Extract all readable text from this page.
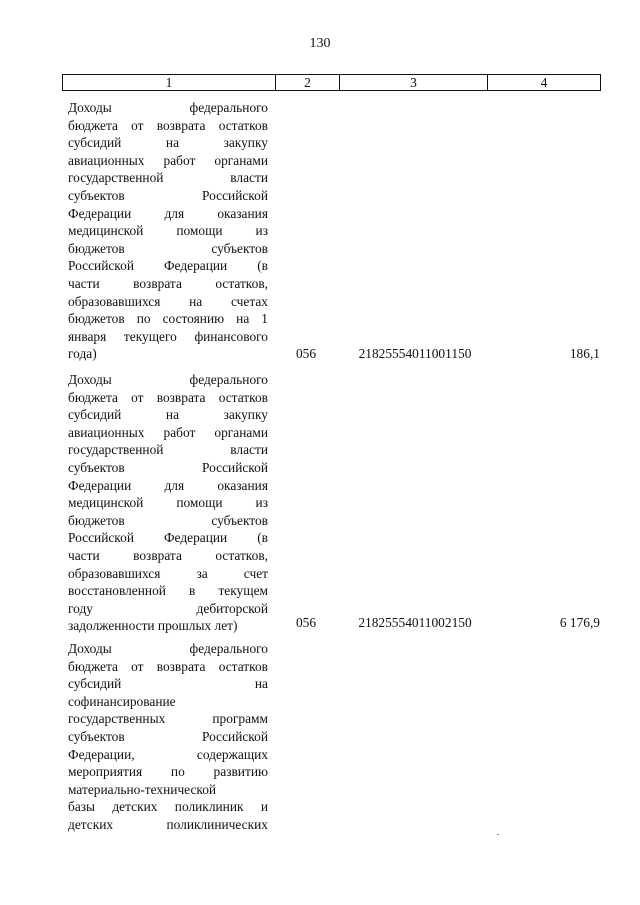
130
1	2	3	4
Доходы федерального
бюджета от возврата остатков
субсидий на закупку
авиационных работ органами
государственной власти
субъектов Российской
Федерации для оказания
медицинской помощи из
бюджетов субъектов
Российской Федерации (в
части возврата остатков,
образовавшихся на счетах
бюджетов по состоянию на 1
января текущего финансового
года)	056	21825554011001150	186,1
Доходы федерального
бюджета от возврата остатков
субсидий на закупку
авиационных работ органами
государственной власти
субъектов Российской
Федерации для оказания
медицинской помощи из
бюджетов субъектов
Российской Федерации (в
части возврата остатков,
образовавшихся за счет
восстановленной в текущем
году дебиторской
задолженности прошлых лет)	056	21825554011002150	6 176,9
Доходы федерального
бюджета от возврата остатков
субсидий на
софинансирование
государственных программ
субъектов Российской
Федерации, содержащих
мероприятия по развитию
материально-технической
базы детских поликлиник и
детских поликлинических
